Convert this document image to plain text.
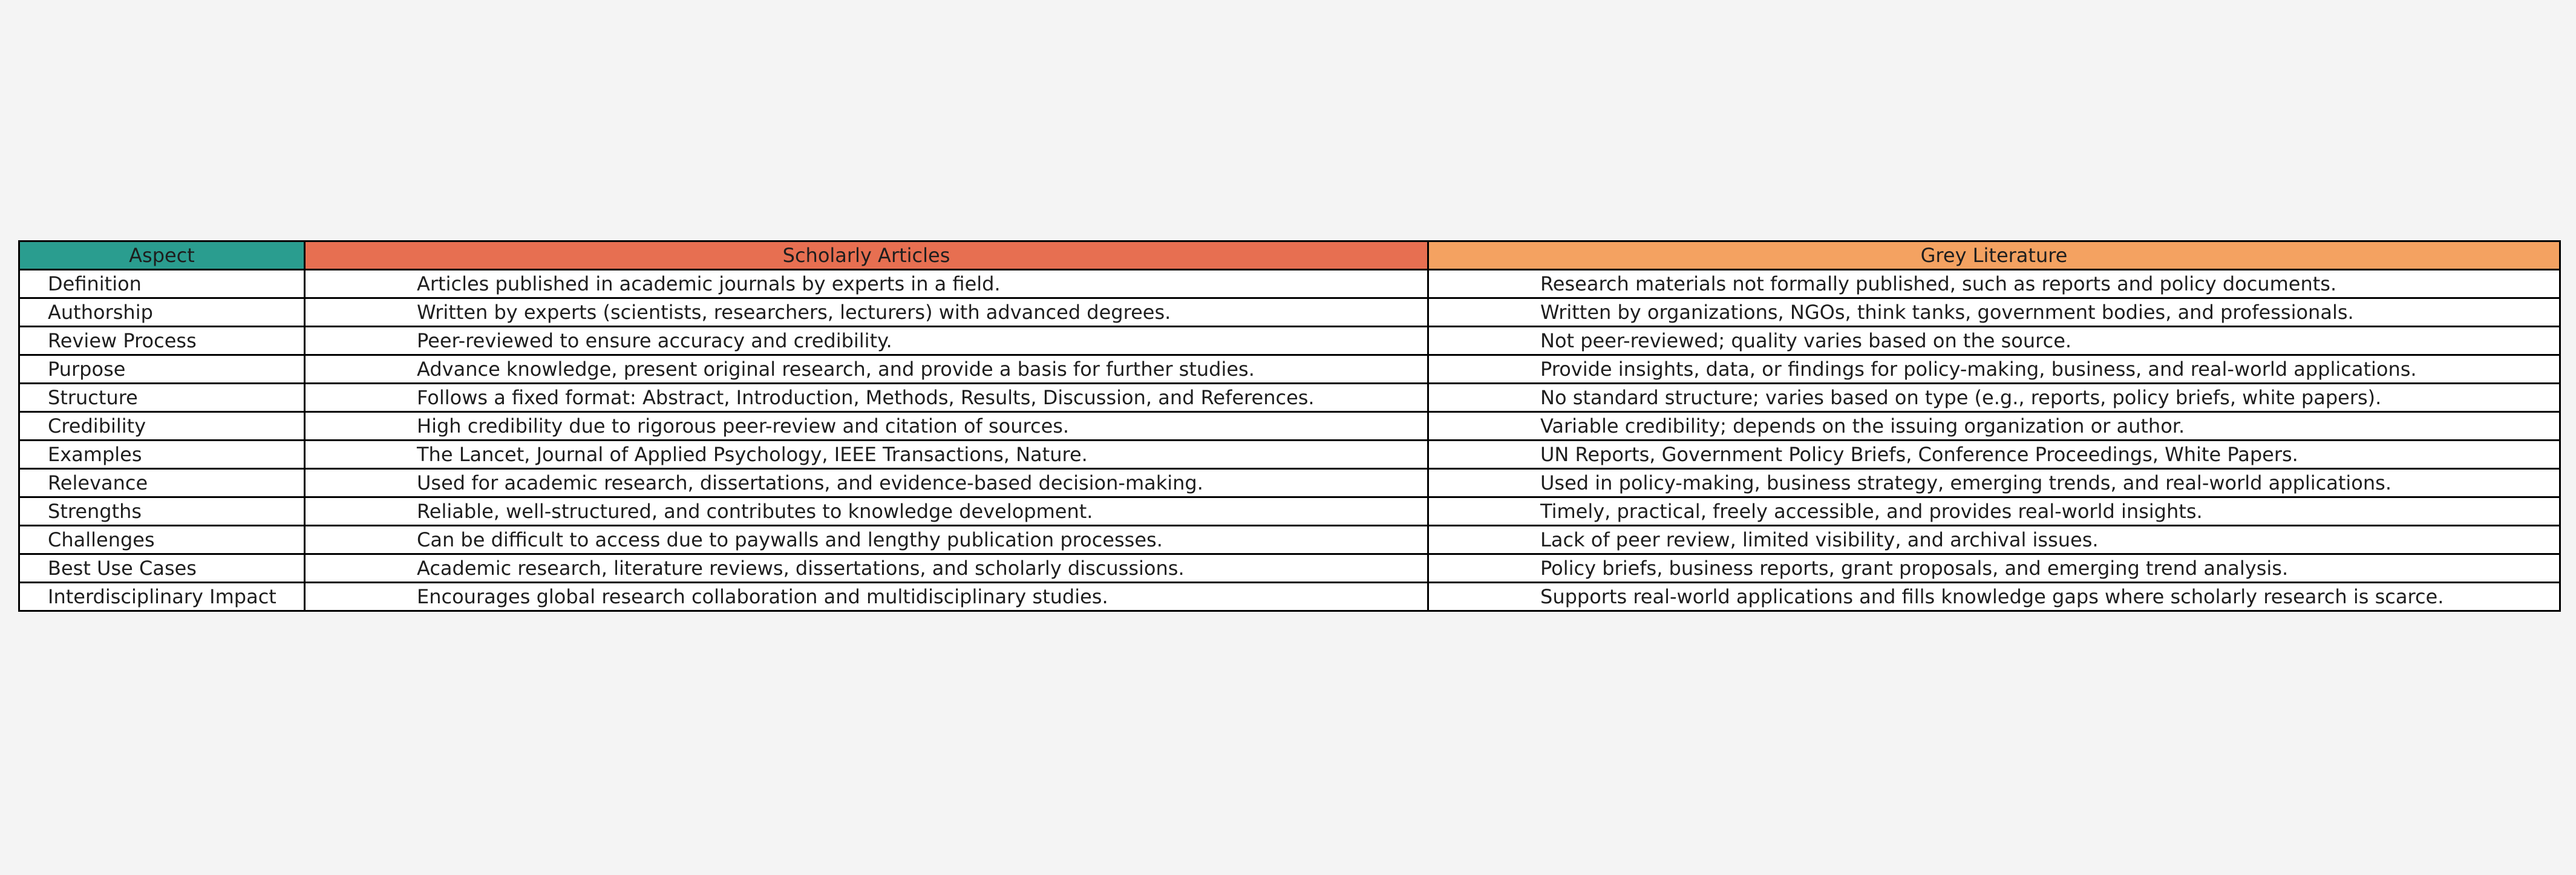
Aspect	Scholarly Articles	Grey Literature
Definition	Articles published in academic journals by experts in a field.	Research materials not formally published, such as reports and policy documents.
Authorship	Written by experts (scientists, researchers, lecturers) with advanced degrees.	Written by organizations, NGOs, think tanks, government bodies, and professionals.
Review Process	Peer-reviewed to ensure accuracy and credibility.	Not peer-reviewed; quality varies based on the source.
Purpose	Advance knowledge, present original research, and provide a basis for further studies.	Provide insights, data, or findings for policy-making, business, and real-world applications.
Structure	Follows a fixed format: Abstract, Introduction, Methods, Results, Discussion, and References.	No standard structure; varies based on type (e.g., reports, policy briefs, white papers).
Credibility	High credibility due to rigorous peer-review and citation of sources.	Variable credibility; depends on the issuing organization or author.
Examples	The Lancet, Journal of Applied Psychology, IEEE Transactions, Nature.	UN Reports, Government Policy Briefs, Conference Proceedings, White Papers.
Relevance	Used for academic research, dissertations, and evidence-based decision-making.	Used in policy-making, business strategy, emerging trends, and real-world applications.
Strengths	Reliable, well-structured, and contributes to knowledge development.	Timely, practical, freely accessible, and provides real-world insights.
Challenges	Can be difficult to access due to paywalls and lengthy publication processes.	Lack of peer review, limited visibility, and archival issues.
Best Use Cases	Academic research, literature reviews, dissertations, and scholarly discussions.	Policy briefs, business reports, grant proposals, and emerging trend analysis.
Interdisciplinary Impact	Encourages global research collaboration and multidisciplinary studies.	Supports real-world applications and fills knowledge gaps where scholarly research is scarce.
